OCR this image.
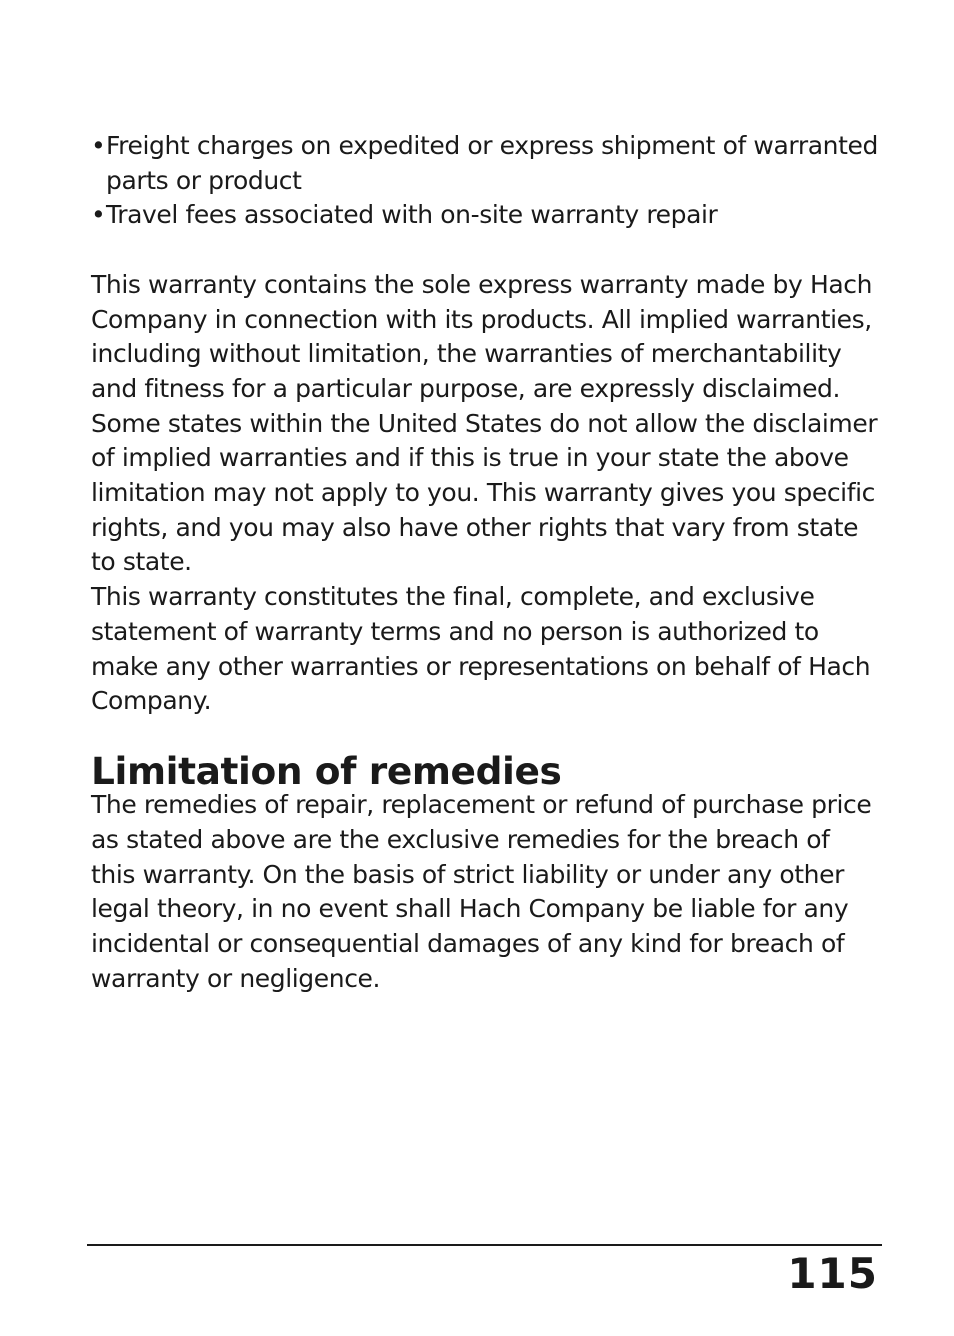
• Freight charges on expedited or express shipment of warranted parts or product
• Travel fees associated with on-site warranty repair

This warranty contains the sole express warranty made by Hach Company in connection with its products. All implied warranties, including without limitation, the warranties of merchantability and fitness for a particular purpose, are expressly disclaimed. Some states within the United States do not allow the disclaimer of implied warranties and if this is true in your state the above limitation may not apply to you. This warranty gives you specific rights, and you may also have other rights that vary from state to state.

This warranty constitutes the final, complete, and exclusive statement of warranty terms and no person is authorized to make any other warranties or representations on behalf of Hach Company.

Limitation of remedies

The remedies of repair, replacement or refund of purchase price as stated above are the exclusive remedies for the breach of this warranty. On the basis of strict liability or under any other legal theory, in no event shall Hach Company be liable for any incidental or consequential damages of any kind for breach of warranty or negligence.

115
